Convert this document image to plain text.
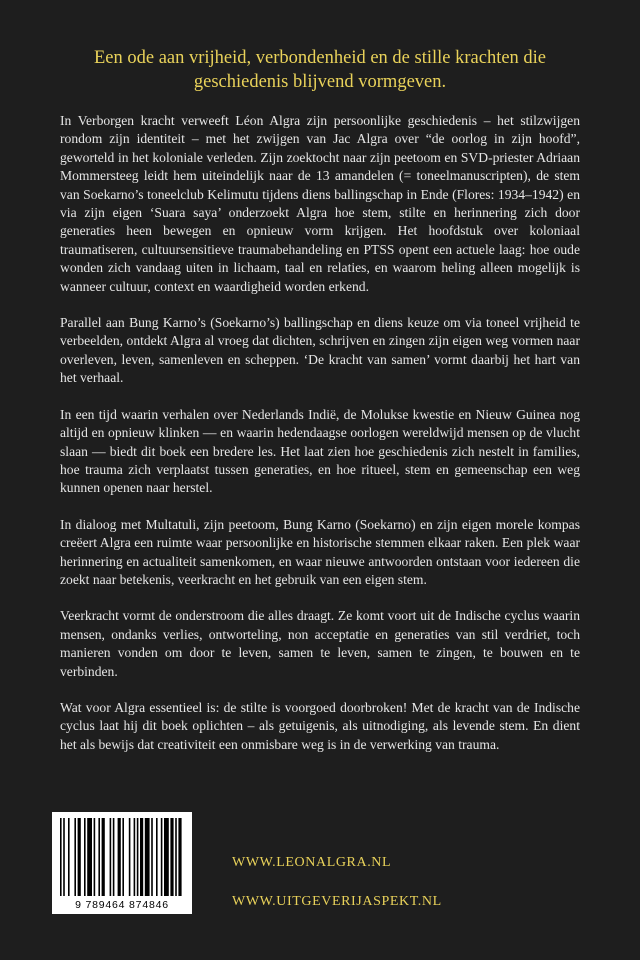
Een ode aan vrijheid, verbondenheid en de stille krachten die geschiedenis blijvend vormgeven.

In Verborgen kracht verweeft Léon Algra zijn persoonlijke geschiedenis – het stilzwijgen rondom zijn identiteit – met het zwijgen van Jac Algra over “de oorlog in zijn hoofd”, geworteld in het koloniale verleden. Zijn zoektocht naar zijn peetoom en SVD-priester Adriaan Mommersteeg leidt hem uiteindelijk naar de 13 amandelen (= toneelmanuscripten), de stem van Soekarno’s toneelclub Kelimutu tijdens diens ballingschap in Ende (Flores: 1934–1942) en via zijn eigen ‘Suara saya’ onderzoekt Algra hoe stem, stilte en herinnering zich door generaties heen bewegen en opnieuw vorm krijgen. Het hoofdstuk over koloniaal traumatiseren, cultuursensitieve traumabehandeling en PTSS opent een actuele laag: hoe oude wonden zich vandaag uiten in lichaam, taal en relaties, en waarom heling alleen mogelijk is wanneer cultuur, context en waardigheid worden erkend.

Parallel aan Bung Karno’s (Soekarno’s) ballingschap en diens keuze om via toneel vrijheid te verbeelden, ontdekt Algra al vroeg dat dichten, schrijven en zingen zijn eigen weg vormen naar overleven, leven, samenleven en scheppen. ‘De kracht van samen’ vormt daarbij het hart van het verhaal.

In een tijd waarin verhalen over Nederlands Indië, de Molukse kwestie en Nieuw Guinea nog altijd en opnieuw klinken — en waarin hedendaagse oorlogen wereldwijd mensen op de vlucht slaan — biedt dit boek een bredere les. Het laat zien hoe geschiedenis zich nestelt in families, hoe trauma zich verplaatst tussen generaties, en hoe ritueel, stem en gemeenschap een weg kunnen openen naar herstel.

In dialoog met Multatuli, zijn peetoom, Bung Karno (Soekarno) en zijn eigen morele kompas creëert Algra een ruimte waar persoonlijke en historische stemmen elkaar raken. Een plek waar herinnering en actualiteit samenkomen, en waar nieuwe antwoorden ontstaan voor iedereen die zoekt naar betekenis, veerkracht en het gebruik van een eigen stem.

Veerkracht vormt de onderstroom die alles draagt. Ze komt voort uit de Indische cyclus waarin mensen, ondanks verlies, ontworteling, non acceptatie en generaties van stil verdriet, toch manieren vonden om door te leven, samen te leven, samen te zingen, te bouwen en te verbinden.

Wat voor Algra essentieel is: de stilte is voorgoed doorbroken! Met de kracht van de Indische cyclus laat hij dit boek oplichten – als getuigenis, als uitnodiging, als levende stem. En dient het als bewijs dat creativiteit een onmisbare weg is in de verwerking van trauma.

9 789464 874846
WWW.LEONALGRA.NL
WWW.UITGEVERIJASPEKT.NL
